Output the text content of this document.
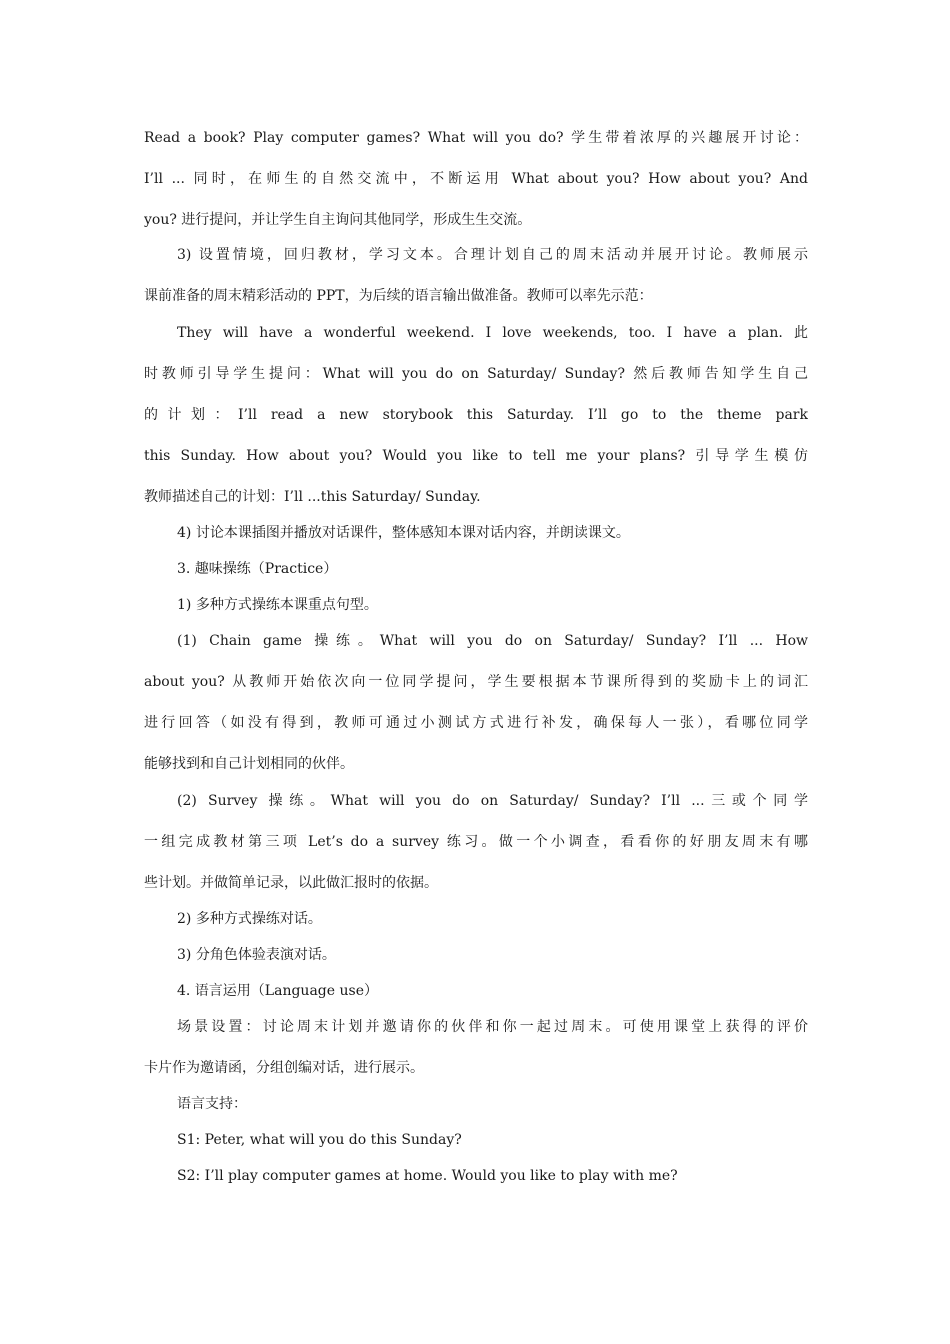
Read a book? Play computer games? What will you do? 学生带着浓厚的兴趣展开讨论：
I’ll ... 同时，在师生的自然交流中，不断运用 What about you? How about you? And
you? 进行提问，并让学生自主询问其他同学，形成生生交流。
3) 设置情境，回归教材，学习文本。合理计划自己的周末活动并展开讨论。教师展示
课前准备的周末精彩活动的 PPT，为后续的语言输出做准备。教师可以率先示范：
They will have a wonderful weekend. I love weekends, too. I have a plan. 此
时教师引导学生提问：What will you do on Saturday/ Sunday? 然后教师告知学生自己
的计划：I’ll read a new storybook this Saturday. I’ll go to the theme park
this Sunday. How about you? Would you like to tell me your plans? 引导学生模仿
教师描述自己的计划：I’ll ...this Saturday/ Sunday.
4) 讨论本课插图并播放对话课件，整体感知本课对话内容，并朗读课文。
3. 趣味操练（Practice）
1) 多种方式操练本课重点句型。
(1) Chain game 操练。What will you do on Saturday/ Sunday? I’ll ... How
about you? 从教师开始依次向一位同学提问，学生要根据本节课所得到的奖励卡上的词汇
进行回答（如没有得到，教师可通过小测试方式进行补发，确保每人一张），看哪位同学
能够找到和自己计划相同的伙伴。
(2) Survey 操练。What will you do on Saturday/ Sunday? I’ll ...三或个同学
一组完成教材第三项 Let’s do a survey 练习。做一个小调查，看看你的好朋友周末有哪
些计划。并做简单记录，以此做汇报时的依据。
2) 多种方式操练对话。
3) 分角色体验表演对话。
4. 语言运用（Language use）
场景设置：讨论周末计划并邀请你的伙伴和你一起过周末。可使用课堂上获得的评价
卡片作为邀请函，分组创编对话，进行展示。
语言支持：
S1: Peter, what will you do this Sunday?
S2: I’ll play computer games at home. Would you like to play with me?
